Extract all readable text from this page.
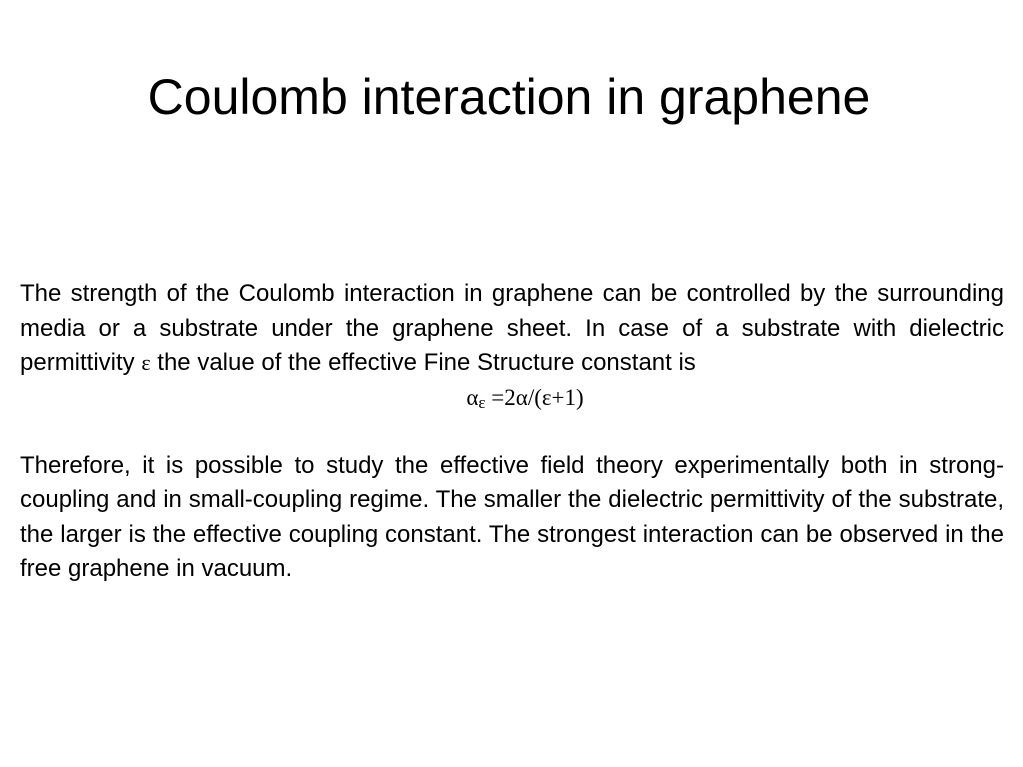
Coulomb interaction in graphene

The strength of the Coulomb interaction in graphene can be controlled by the surrounding media or a substrate under the graphene sheet. In case of a substrate with dielectric permittivity ε the value of the effective Fine Structure constant is

$\alpha_\varepsilon =2\alpha/(\varepsilon+1)$

Therefore, it is possible to study the effective field theory experimentally both in strong-coupling and in small-coupling regime. The smaller the dielectric permittivity of the substrate, the larger is the effective coupling constant. The strongest interaction can be observed in the free graphene in vacuum.
